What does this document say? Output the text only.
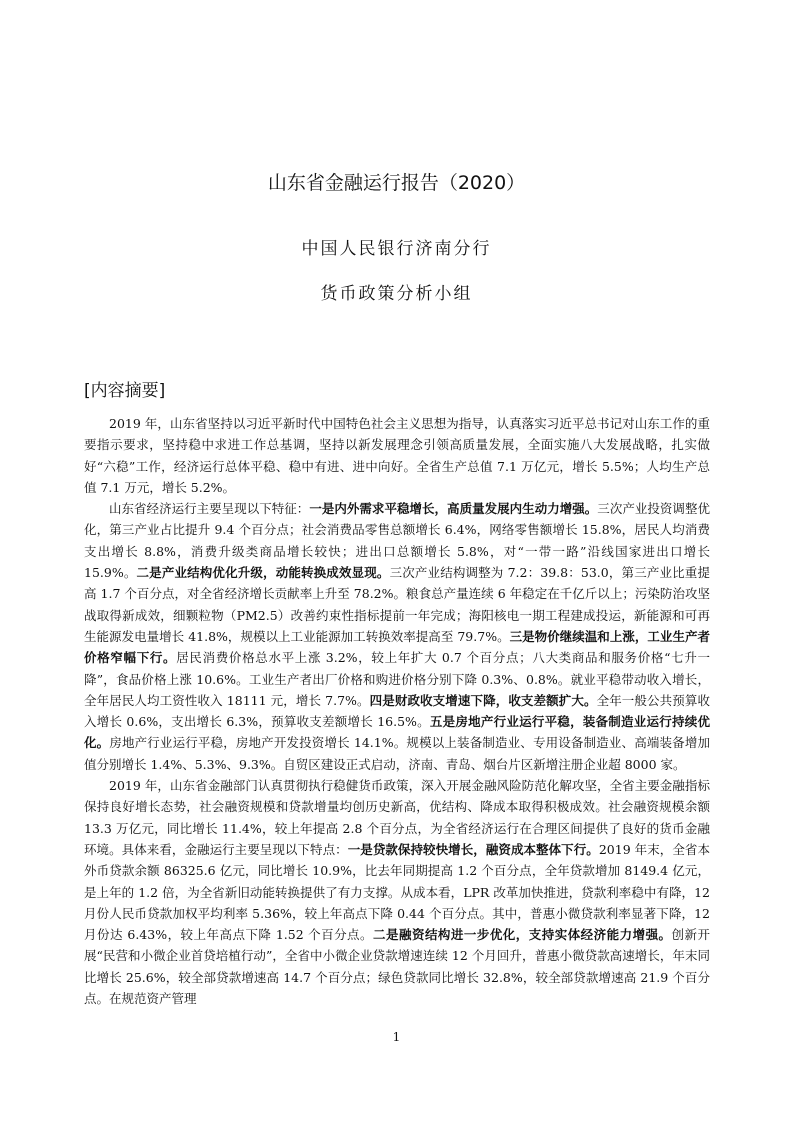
山东省金融运行报告（2020）
中国人民银行济南分行
货币政策分析小组
[内容摘要]

2019 年，山东省坚持以习近平新时代中国特色社会主义思想为指导，认真落实习近平总书记对山东工作的重要指示要求，坚持稳中求进工作总基调，坚持以新发展理念引领高质量发展，全面实施八大发展战略，扎实做好“六稳”工作，经济运行总体平稳、稳中有进、进中向好。全省生产总值 7.1 万亿元，增长 5.5%；人均生产总值 7.1 万元，增长 5.2%。

山东省经济运行主要呈现以下特征：一是内外需求平稳增长，高质量发展内生动力增强。三次产业投资调整优化，第三产业占比提升 9.4 个百分点；社会消费品零售总额增长 6.4%，网络零售额增长 15.8%，居民人均消费支出增长 8.8%，消费升级类商品增长较快；进出口总额增长 5.8%，对“一带一路”沿线国家进出口增长 15.9%。二是产业结构优化升级，动能转换成效显现。三次产业结构调整为 7.2：39.8：53.0，第三产业比重提高 1.7 个百分点，对全省经济增长贡献率上升至 78.2%。粮食总产量连续 6 年稳定在千亿斤以上；污染防治攻坚战取得新成效，细颗粒物（PM2.5）改善约束性指标提前一年完成；海阳核电一期工程建成投运，新能源和可再生能源发电量增长 41.8%，规模以上工业能源加工转换效率提高至 79.7%。三是物价继续温和上涨，工业生产者价格窄幅下行。居民消费价格总水平上涨 3.2%，较上年扩大 0.7 个百分点；八大类商品和服务价格“七升一降”，食品价格上涨 10.6%。工业生产者出厂价格和购进价格分别下降 0.3%、0.8%。就业平稳带动收入增长，全年居民人均工资性收入 18111 元，增长 7.7%。四是财政收支增速下降，收支差额扩大。全年一般公共预算收入增长 0.6%，支出增长 6.3%，预算收支差额增长 16.5%。五是房地产行业运行平稳，装备制造业运行持续优化。房地产行业运行平稳，房地产开发投资增长 14.1%。规模以上装备制造业、专用设备制造业、高端装备增加值分别增长 1.4%、5.3%、9.3%。自贸区建设正式启动，济南、青岛、烟台片区新增注册企业超 8000 家。

2019 年，山东省金融部门认真贯彻执行稳健货币政策，深入开展金融风险防范化解攻坚，全省主要金融指标保持良好增长态势，社会融资规模和贷款增量均创历史新高，优结构、降成本取得积极成效。社会融资规模余额 13.3 万亿元，同比增长 11.4%，较上年提高 2.8 个百分点，为全省经济运行在合理区间提供了良好的货币金融环境。具体来看，金融运行主要呈现以下特点：一是贷款保持较快增长，融资成本整体下行。2019 年末，全省本外币贷款余额 86325.6 亿元，同比增长 10.9%，比去年同期提高 1.2 个百分点，全年贷款增加 8149.4 亿元，是上年的 1.2 倍，为全省新旧动能转换提供了有力支撑。从成本看，LPR 改革加快推进，贷款利率稳中有降，12 月份人民币贷款加权平均利率 5.36%，较上年高点下降 0.44 个百分点。其中，普惠小微贷款利率显著下降，12 月份达 6.43%，较上年高点下降 1.52 个百分点。二是融资结构进一步优化，支持实体经济能力增强。创新开展“民营和小微企业首贷培植行动”，全省中小微企业贷款增速连续 12 个月回升，普惠小微贷款高速增长，年末同比增长 25.6%，较全部贷款增速高 14.7 个百分点；绿色贷款同比增长 32.8%，较全部贷款增速高 21.9 个百分点。在规范资产管理

1
